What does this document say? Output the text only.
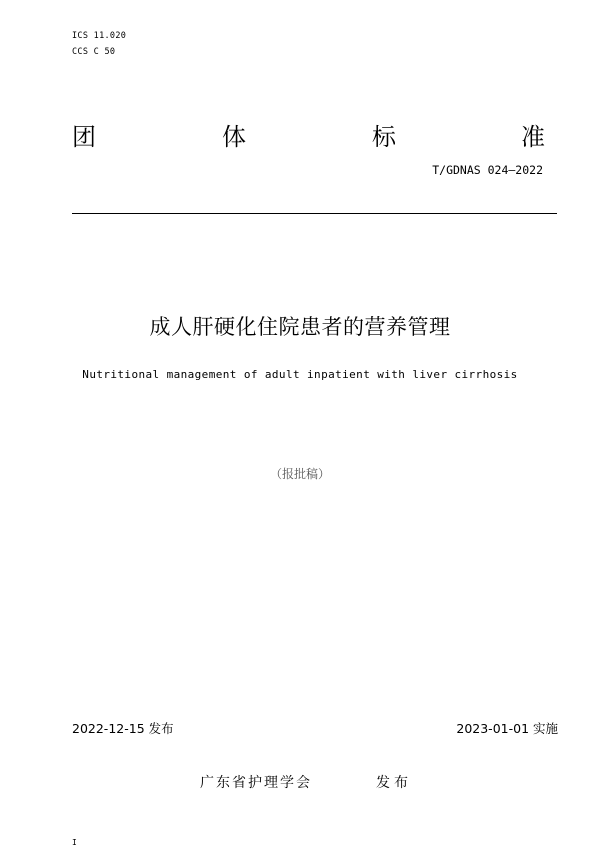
ICS 11.020
CCS C 50
团	体	标	准
T/GDNAS 024—2022
成人肝硬化住院患者的营养管理
Nutritional management of adult inpatient with liver cirrhosis
（报批稿）
2022-12-15 发布	2023-01-01 实施
广东省护理学会	发布
I
